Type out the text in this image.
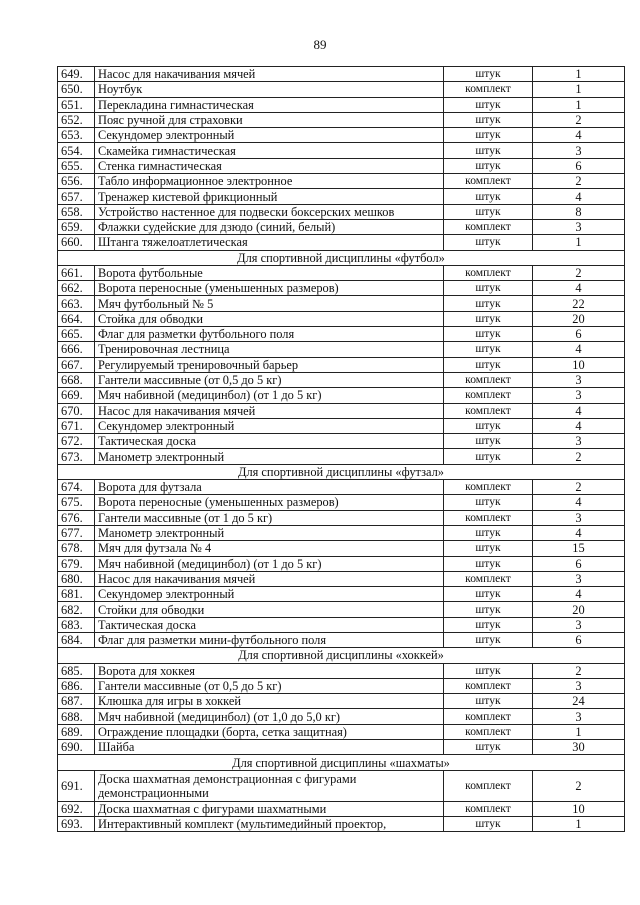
89
649.	Насос для накачивания мячей	штук	1
650.	Ноутбук	комплект	1
651.	Перекладина гимнастическая	штук	1
652.	Пояс ручной для страховки	штук	2
653.	Секундомер электронный	штук	4
654.	Скамейка гимнастическая	штук	3
655.	Стенка гимнастическая	штук	6
656.	Табло информационное электронное	комплект	2
657.	Тренажер кистевой фрикционный	штук	4
658.	Устройство настенное для подвески боксерских мешков	штук	8
659.	Флажки судейские для дзюдо (синий, белый)	комплект	3
660.	Штанга тяжелоатлетическая	штук	1
Для спортивной дисциплины «футбол»			
661.	Ворота футбольные	комплект	2
662.	Ворота переносные (уменьшенных размеров)	штук	4
663.	Мяч футбольный № 5	штук	22
664.	Стойка для обводки	штук	20
665.	Флаг для разметки футбольного поля	штук	6
666.	Тренировочная лестница	штук	4
667.	Регулируемый тренировочный барьер	штук	10
668.	Гантели массивные (от 0,5 до 5 кг)	комплект	3
669.	Мяч набивной (медицинбол) (от 1 до 5 кг)	комплект	3
670.	Насос для накачивания мячей	комплект	4
671.	Секундомер электронный	штук	4
672.	Тактическая доска	штук	3
673.	Манометр электронный	штук	2
Для спортивной дисциплины «футзал»			
674.	Ворота для футзала	комплект	2
675.	Ворота переносные (уменьшенных размеров)	штук	4
676.	Гантели массивные (от 1 до 5 кг)	комплект	3
677.	Манометр электронный	штук	4
678.	Мяч для футзала № 4	штук	15
679.	Мяч набивной (медицинбол) (от 1 до 5 кг)	штук	6
680.	Насос для накачивания мячей	комплект	3
681.	Секундомер электронный	штук	4
682.	Стойки для обводки	штук	20
683.	Тактическая доска	штук	3
684.	Флаг для разметки мини-футбольного поля	штук	6
Для спортивной дисциплины «хоккей»			
685.	Ворота для хоккея	штук	2
686.	Гантели массивные (от 0,5 до 5 кг)	комплект	3
687.	Клюшка для игры в хоккей	штук	24
688.	Мяч набивной (медицинбол) (от 1,0 до 5,0 кг)	комплект	3
689.	Ограждение площадки (борта, сетка защитная)	комплект	1
690.	Шайба	штук	30
Для спортивной дисциплины «шахматы»			
691.	Доска шахматная демонстрационная с фигурами демонстрационными	комплект	2
692.	Доска шахматная с фигурами шахматными	комплект	10
693.	Интерактивный комплект (мультимедийный проектор,	штук	1
